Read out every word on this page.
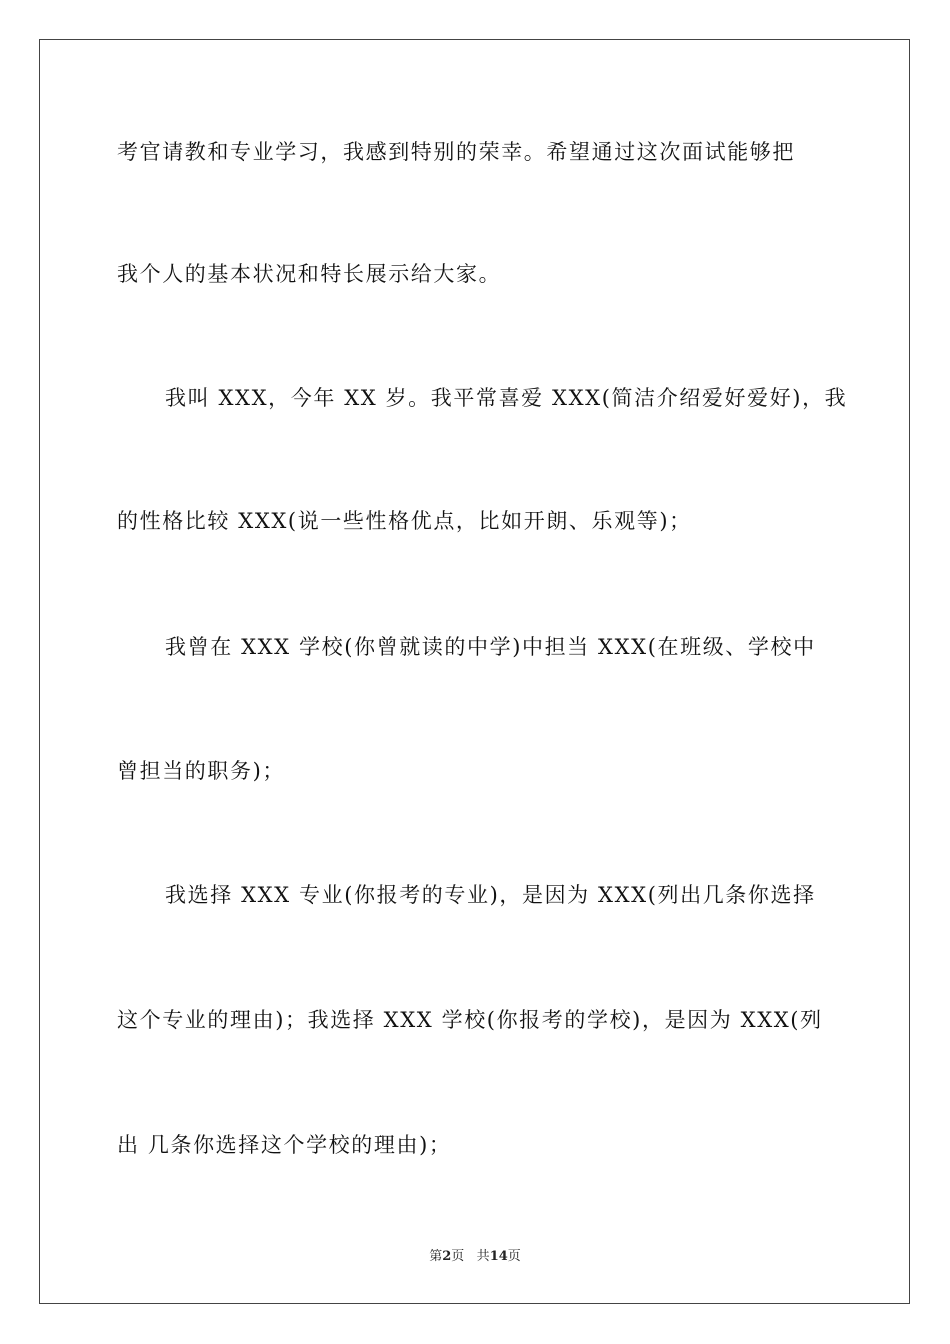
考官请教和专业学习，我感到特别的荣幸。希望通过这次面试能够把
我个人的基本状况和特长展示给大家。
我叫 XXX，今年 XX 岁。我平常喜爱 XXX(简洁介绍爱好爱好)，我
的性格比较 XXX(说一些性格优点，比如开朗、乐观等)；
我曾在 XXX 学校(你曾就读的中学)中担当 XXX(在班级、学校中
曾担当的职务)；
我选择 XXX 专业(你报考的专业)，是因为 XXX(列出几条你选择
这个专业的理由)；我选择 XXX 学校(你报考的学校)，是因为 XXX(列
出 几条你选择这个学校的理由)；
第2页 共14页
